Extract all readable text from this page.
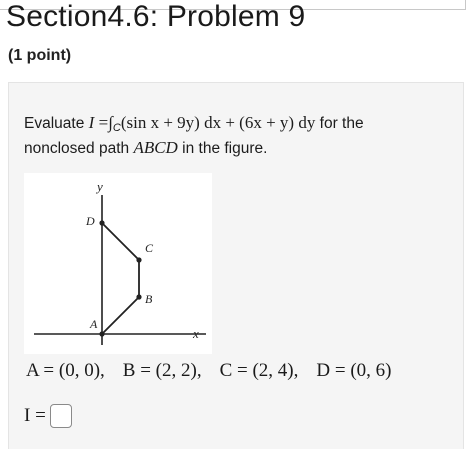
Section4.6: Problem 9
(1 point)
Evaluate $I =\int_C(\sin$ x + 9y) dx + (6x + y) dy for the
nonclosed path ABCD in the figure.
x
y
A
B
C
D
A = (0, 0), B = (2, 2), C = (2, 4), D = (0, 6)
I =
